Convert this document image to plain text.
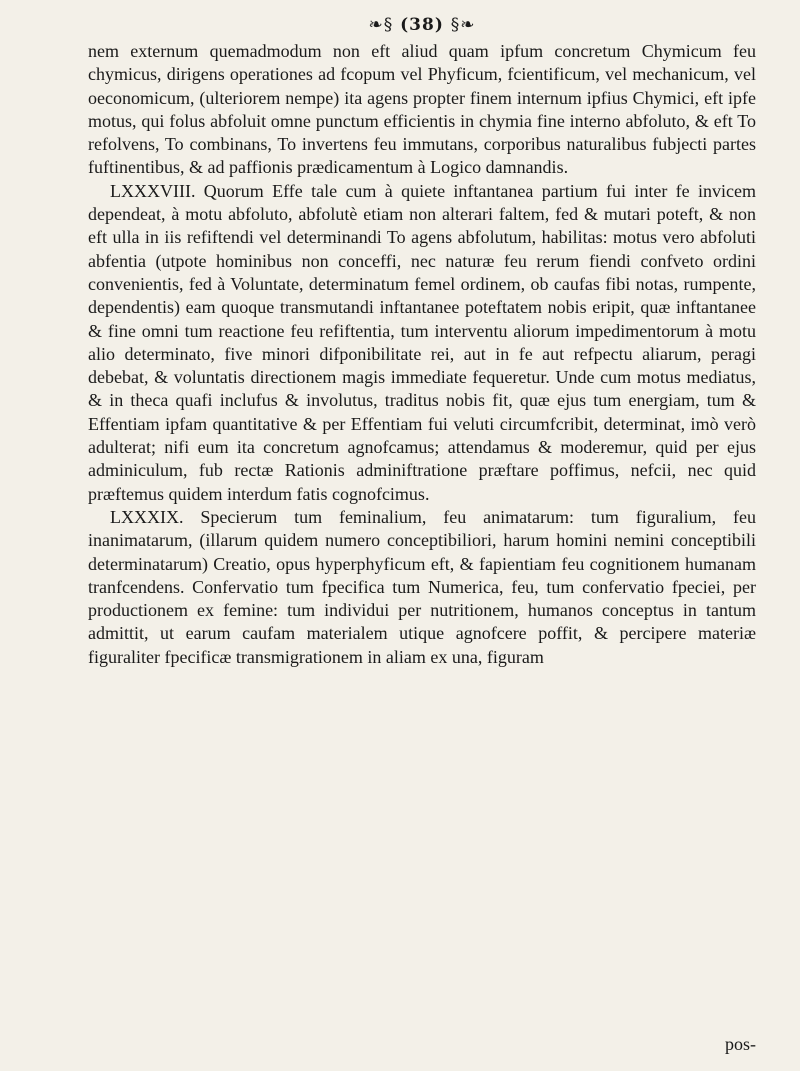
❧§ (38) §❧

nem externum quemadmodum non eft aliud quam ipfum concretum Chymicum feu chymicus, dirigens operationes ad fcopum vel Phyficum, fcientificum, vel mechanicum, vel oeconomicum, (ulteriorem nempe) ita agens propter finem internum ipfius Chymici, eft ipfe motus, qui folus abfoluit omne punctum efficientis in chymia fine interno abfoluto, & eft To refolvens, To combinans, To invertens feu immutans, corporibus naturalibus fubjecti partes fuftinentibus, & ad paffionis prædicamentum à Logico damnandis.

LXXXVIII. Quorum Effe tale cum à quiete inftantanea partium fui inter fe invicem dependeat, à motu abfoluto, abfolutè etiam non alterari faltem, fed & mutari poteft, & non eft ulla in iis refiftendi vel determinandi To agens abfolutum, habilitas: motus vero abfoluti abfentia (utpote hominibus non conceffi, nec naturæ feu rerum fiendi confveto ordini convenientis, fed à Voluntate, determinatum femel ordinem, ob caufas fibi notas, rumpente, dependentis) eam quoque transmutandi inftantanee poteftatem nobis eripit, quæ inftantanee & fine omni tum reactione feu refiftentia, tum interventu aliorum impedimentorum à motu alio determinato, five minori difponibilitate rei, aut in fe aut refpectu aliarum, peragi debebat, & voluntatis directionem magis immediate fequeretur. Unde cum motus mediatus, & in theca quafi inclufus & involutus, traditus nobis fit, quæ ejus tum energiam, tum & Effentiam ipfam quantitative & per Effentiam fui veluti circumfcribit, determinat, imò verò adulterat; nifi eum ita concretum agnofcamus; attendamus & moderemur, quid per ejus adminiculum, fub rectæ Rationis adminiftratione præftare poffimus, nefcii, nec quid præftemus quidem interdum fatis cognofcimus.

LXXXIX. Specierum tum feminalium, feu animatarum: tum figuralium, feu inanimatarum, (illarum quidem numero conceptibiliori, harum homini nemini conceptibili determinatarum) Creatio, opus hyperphyficum eft, & fapientiam feu cognitionem humanam tranfcendens. Confervatio tum fpecifica tum Numerica, feu, tum confervatio fpeciei, per productionem ex femine: tum individui per nutritionem, humanos conceptus in tantum admittit, ut earum caufam materialem utique agnofcere poffit, & percipere materiæ figuraliter fpecificæ transmigrationem in aliam ex una, figuram

pos-
